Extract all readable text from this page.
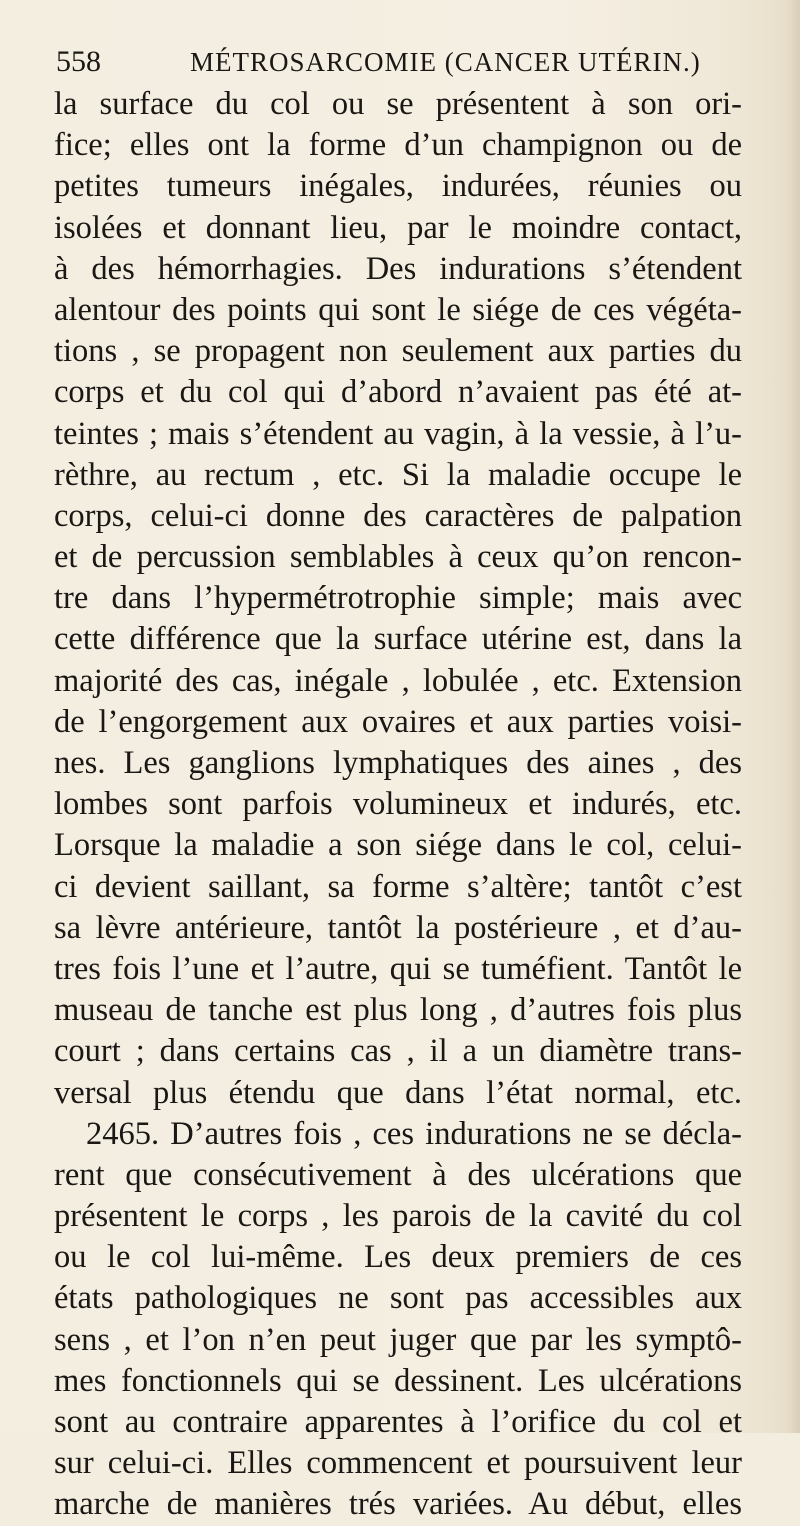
558	MÉTROSARCOMIE (CANCER UTÉRIN.)
la surface du col ou se présentent à son ori-
fice; elles ont la forme d’un champignon ou de
petites tumeurs inégales, indurées, réunies ou
isolées et donnant lieu, par le moindre contact,
à des hémorrhagies. Des indurations s’étendent
alentour des points qui sont le siége de ces végéta-
tions , se propagent non seulement aux parties du
corps et du col qui d’abord n’avaient pas été at-
teintes ; mais s’étendent au vagin, à la vessie, à l’u-
rèthre, au rectum , etc. Si la maladie occupe le
corps, celui-ci donne des caractères de palpation
et de percussion semblables à ceux qu’on rencon-
tre dans l’hypermétrotrophie simple; mais avec
cette différence que la surface utérine est, dans la
majorité des cas, inégale , lobulée , etc. Extension
de l’engorgement aux ovaires et aux parties voisi-
nes. Les ganglions lymphatiques des aines , des
lombes sont parfois volumineux et indurés, etc.
Lorsque la maladie a son siége dans le col, celui-
ci devient saillant, sa forme s’altère; tantôt c’est
sa lèvre antérieure, tantôt la postérieure , et d’au-
tres fois l’une et l’autre, qui se tuméfient. Tantôt le
museau de tanche est plus long , d’autres fois plus
court ; dans certains cas , il a un diamètre trans-
versal plus étendu que dans l’état normal, etc.
2465. D’autres fois , ces indurations ne se décla-
rent que consécutivement à des ulcérations que
présentent le corps , les parois de la cavité du col
ou le col lui-même. Les deux premiers de ces
états pathologiques ne sont pas accessibles aux
sens , et l’on n’en peut juger que par les symptô-
mes fonctionnels qui se dessinent. Les ulcérations
sont au contraire apparentes à l’orifice du col et
sur celui-ci. Elles commencent et poursuivent leur
marche de manières trés variées. Au début, elles
